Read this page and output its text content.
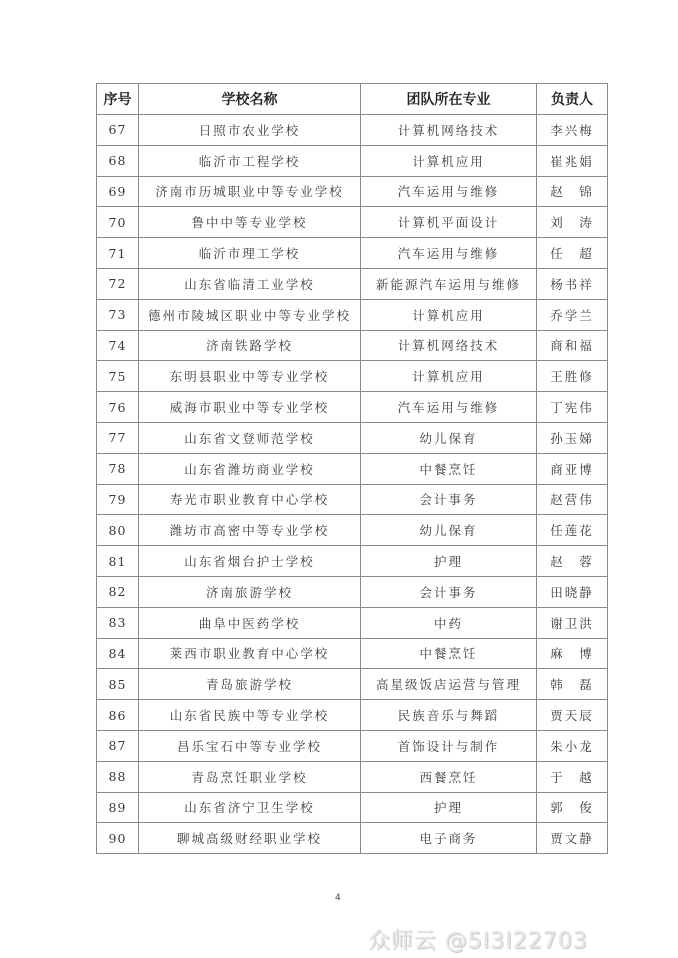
序号	学校名称	团队所在专业	负责人
67	日照市农业学校	计算机网络技术	李兴梅
68	临沂市工程学校	计算机应用	崔兆娟
69	济南市历城职业中等专业学校	汽车运用与维修	赵　锦
70	鲁中中等专业学校	计算机平面设计	刘　涛
71	临沂市理工学校	汽车运用与维修	任　超
72	山东省临清工业学校	新能源汽车运用与维修	杨书祥
73	德州市陵城区职业中等专业学校	计算机应用	乔学兰
74	济南铁路学校	计算机网络技术	商和福
75	东明县职业中等专业学校	计算机应用	王胜修
76	威海市职业中等专业学校	汽车运用与维修	丁宪伟
77	山东省文登师范学校	幼儿保育	孙玉娣
78	山东省潍坊商业学校	中餐烹饪	商亚博
79	寿光市职业教育中心学校	会计事务	赵营伟
80	潍坊市高密中等专业学校	幼儿保育	任莲花
81	山东省烟台护士学校	护理	赵　蓉
82	济南旅游学校	会计事务	田晓静
83	曲阜中医药学校	中药	谢卫洪
84	莱西市职业教育中心学校	中餐烹饪	麻　博
85	青岛旅游学校	高星级饭店运营与管理	韩　磊
86	山东省民族中等专业学校	民族音乐与舞蹈	贾天辰
87	昌乐宝石中等专业学校	首饰设计与制作	朱小龙
88	青岛烹饪职业学校	西餐烹饪	于　越
89	山东省济宁卫生学校	护理	郭　俊
90	聊城高级财经职业学校	电子商务	贾文静
4
众师云 @5I3I22703
